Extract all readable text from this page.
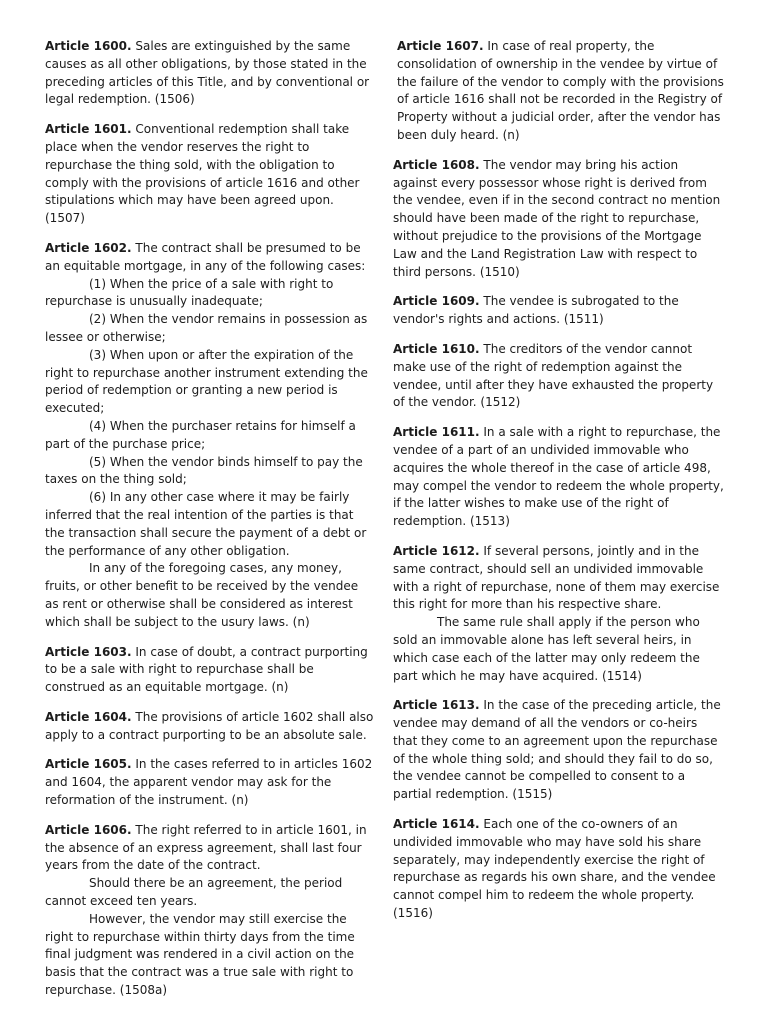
Article 1600. Sales are extinguished by the same causes as all other obligations, by those stated in the preceding articles of this Title, and by conventional or legal redemption. (1506)

Article 1601. Conventional redemption shall take place when the vendor reserves the right to repurchase the thing sold, with the obligation to comply with the provisions of article 1616 and other stipulations which may have been agreed upon. (1507)

Article 1602. The contract shall be presumed to be an equitable mortgage, in any of the following cases:

(1) When the price of a sale with right to repurchase is unusually inadequate;

(2) When the vendor remains in possession as lessee or otherwise;

(3) When upon or after the expiration of the right to repurchase another instrument extending the period of redemption or granting a new period is executed;

(4) When the purchaser retains for himself a part of the purchase price;

(5) When the vendor binds himself to pay the taxes on the thing sold;

(6) In any other case where it may be fairly inferred that the real intention of the parties is that the transaction shall secure the payment of a debt or the performance of any other obligation.

In any of the foregoing cases, any money, fruits, or other benefit to be received by the vendee as rent or otherwise shall be considered as interest which shall be subject to the usury laws. (n)

Article 1603. In case of doubt, a contract purporting to be a sale with right to repurchase shall be construed as an equitable mortgage. (n)

Article 1604. The provisions of article 1602 shall also apply to a contract purporting to be an absolute sale.

Article 1605. In the cases referred to in articles 1602 and 1604, the apparent vendor may ask for the reformation of the instrument. (n)

Article 1606. The right referred to in article 1601, in the absence of an express agreement, shall last four years from the date of the contract.

Should there be an agreement, the period cannot exceed ten years.

However, the vendor may still exercise the right to repurchase within thirty days from the time final judgment was rendered in a civil action on the basis that the contract was a true sale with right to repurchase. (1508a)

Article 1607. In case of real property, the consolidation of ownership in the vendee by virtue of the failure of the vendor to comply with the provisions of article 1616 shall not be recorded in the Registry of Property without a judicial order, after the vendor has been duly heard. (n)

Article 1608. The vendor may bring his action against every possessor whose right is derived from the vendee, even if in the second contract no mention should have been made of the right to repurchase, without prejudice to the provisions of the Mortgage Law and the Land Registration Law with respect to third persons. (1510)

Article 1609. The vendee is subrogated to the vendor's rights and actions. (1511)

Article 1610. The creditors of the vendor cannot make use of the right of redemption against the vendee, until after they have exhausted the property of the vendor. (1512)

Article 1611. In a sale with a right to repurchase, the vendee of a part of an undivided immovable who acquires the whole thereof in the case of article 498, may compel the vendor to redeem the whole property, if the latter wishes to make use of the right of redemption. (1513)

Article 1612. If several persons, jointly and in the same contract, should sell an undivided immovable with a right of repurchase, none of them may exercise this right for more than his respective share.

The same rule shall apply if the person who sold an immovable alone has left several heirs, in which case each of the latter may only redeem the part which he may have acquired. (1514)

Article 1613. In the case of the preceding article, the vendee may demand of all the vendors or co-heirs that they come to an agreement upon the repurchase of the whole thing sold; and should they fail to do so, the vendee cannot be compelled to consent to a partial redemption. (1515)

Article 1614. Each one of the co-owners of an undivided immovable who may have sold his share separately, may independently exercise the right of repurchase as regards his own share, and the vendee cannot compel him to redeem the whole property. (1516)
